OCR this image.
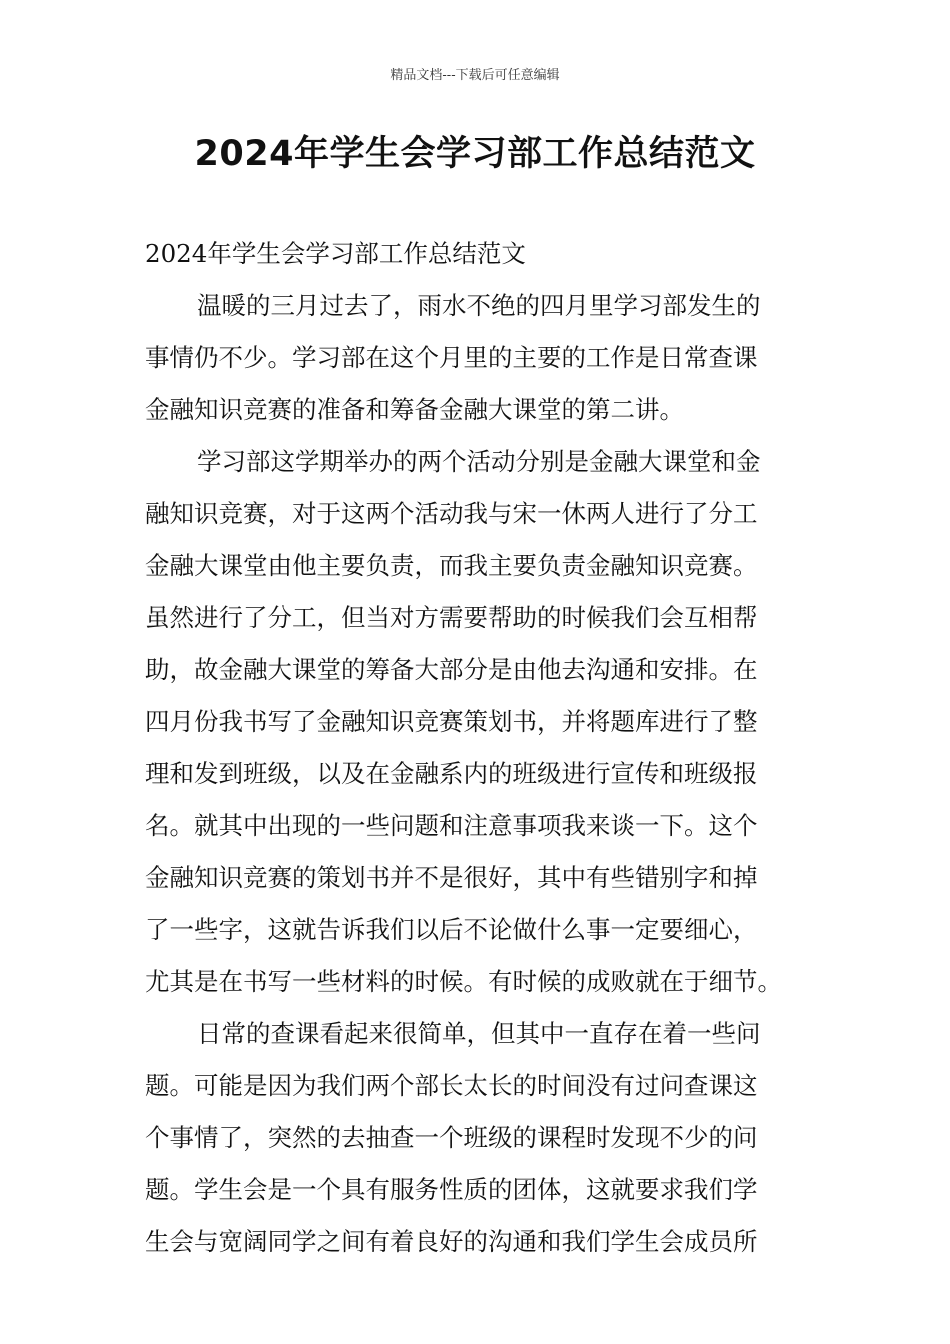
精品文档---下载后可任意编辑
2024年学生会学习部工作总结范文
2024年学生会学习部工作总结范文
温暖的三月过去了，雨水不绝的四月里学习部发生的
事情仍不少。学习部在这个月里的主要的工作是日常查课
金融知识竞赛的准备和筹备金融大课堂的第二讲。
学习部这学期举办的两个活动分别是金融大课堂和金
融知识竞赛，对于这两个活动我与宋一休两人进行了分工
金融大课堂由他主要负责，而我主要负责金融知识竞赛。
虽然进行了分工，但当对方需要帮助的时候我们会互相帮
助，故金融大课堂的筹备大部分是由他去沟通和安排。在
四月份我书写了金融知识竞赛策划书，并将题库进行了整
理和发到班级，以及在金融系内的班级进行宣传和班级报
名。就其中出现的一些问题和注意事项我来谈一下。这个
金融知识竞赛的策划书并不是很好，其中有些错别字和掉
了一些字，这就告诉我们以后不论做什么事一定要细心，
尤其是在书写一些材料的时候。有时候的成败就在于细节。
日常的查课看起来很简单，但其中一直存在着一些问
题。可能是因为我们两个部长太长的时间没有过问查课这
个事情了，突然的去抽查一个班级的课程时发现不少的问
题。学生会是一个具有服务性质的团体，这就要求我们学
生会与宽阔同学之间有着良好的沟通和我们学生会成员所
